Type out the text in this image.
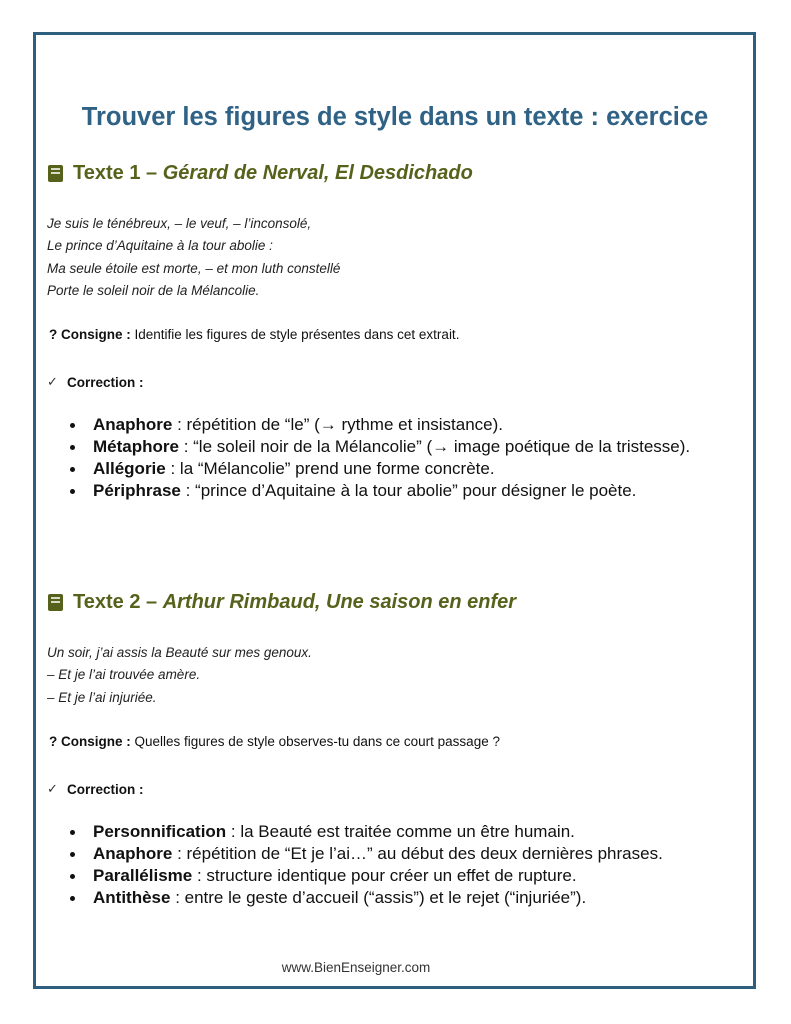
Trouver les figures de style dans un texte : exercice
Texte 1 –
Gérard de Nerval, El Desdichado
Je suis le ténébreux, – le veuf, – l’inconsolé,
Le prince d’Aquitaine à la tour abolie :
Ma seule étoile est morte, – et mon luth constellé
Porte le soleil noir de la Mélancolie.
? Consigne : Identifie les figures de style présentes dans cet extrait.
✓ Correction :
Anaphore : répétition de “le” (→ rythme et insistance).
Métaphore : “le soleil noir de la Mélancolie” (→ image poétique de la tristesse).
Allégorie : la “Mélancolie” prend une forme concrète.
Périphrase : “prince d’Aquitaine à la tour abolie” pour désigner le poète.
Texte 2 –
Arthur Rimbaud, Une saison en enfer
Un soir, j’ai assis la Beauté sur mes genoux.
– Et je l’ai trouvée amère.
– Et je l’ai injuriée.
? Consigne : Quelles figures de style observes-tu dans ce court passage ?
✓ Correction :
Personnification : la Beauté est traitée comme un être humain.
Anaphore : répétition de “Et je l’ai…” au début des deux dernières phrases.
Parallélisme : structure identique pour créer un effet de rupture.
Antithèse : entre le geste d’accueil (“assis”) et le rejet (“injuriée”).
www.BienEnseigner.com
